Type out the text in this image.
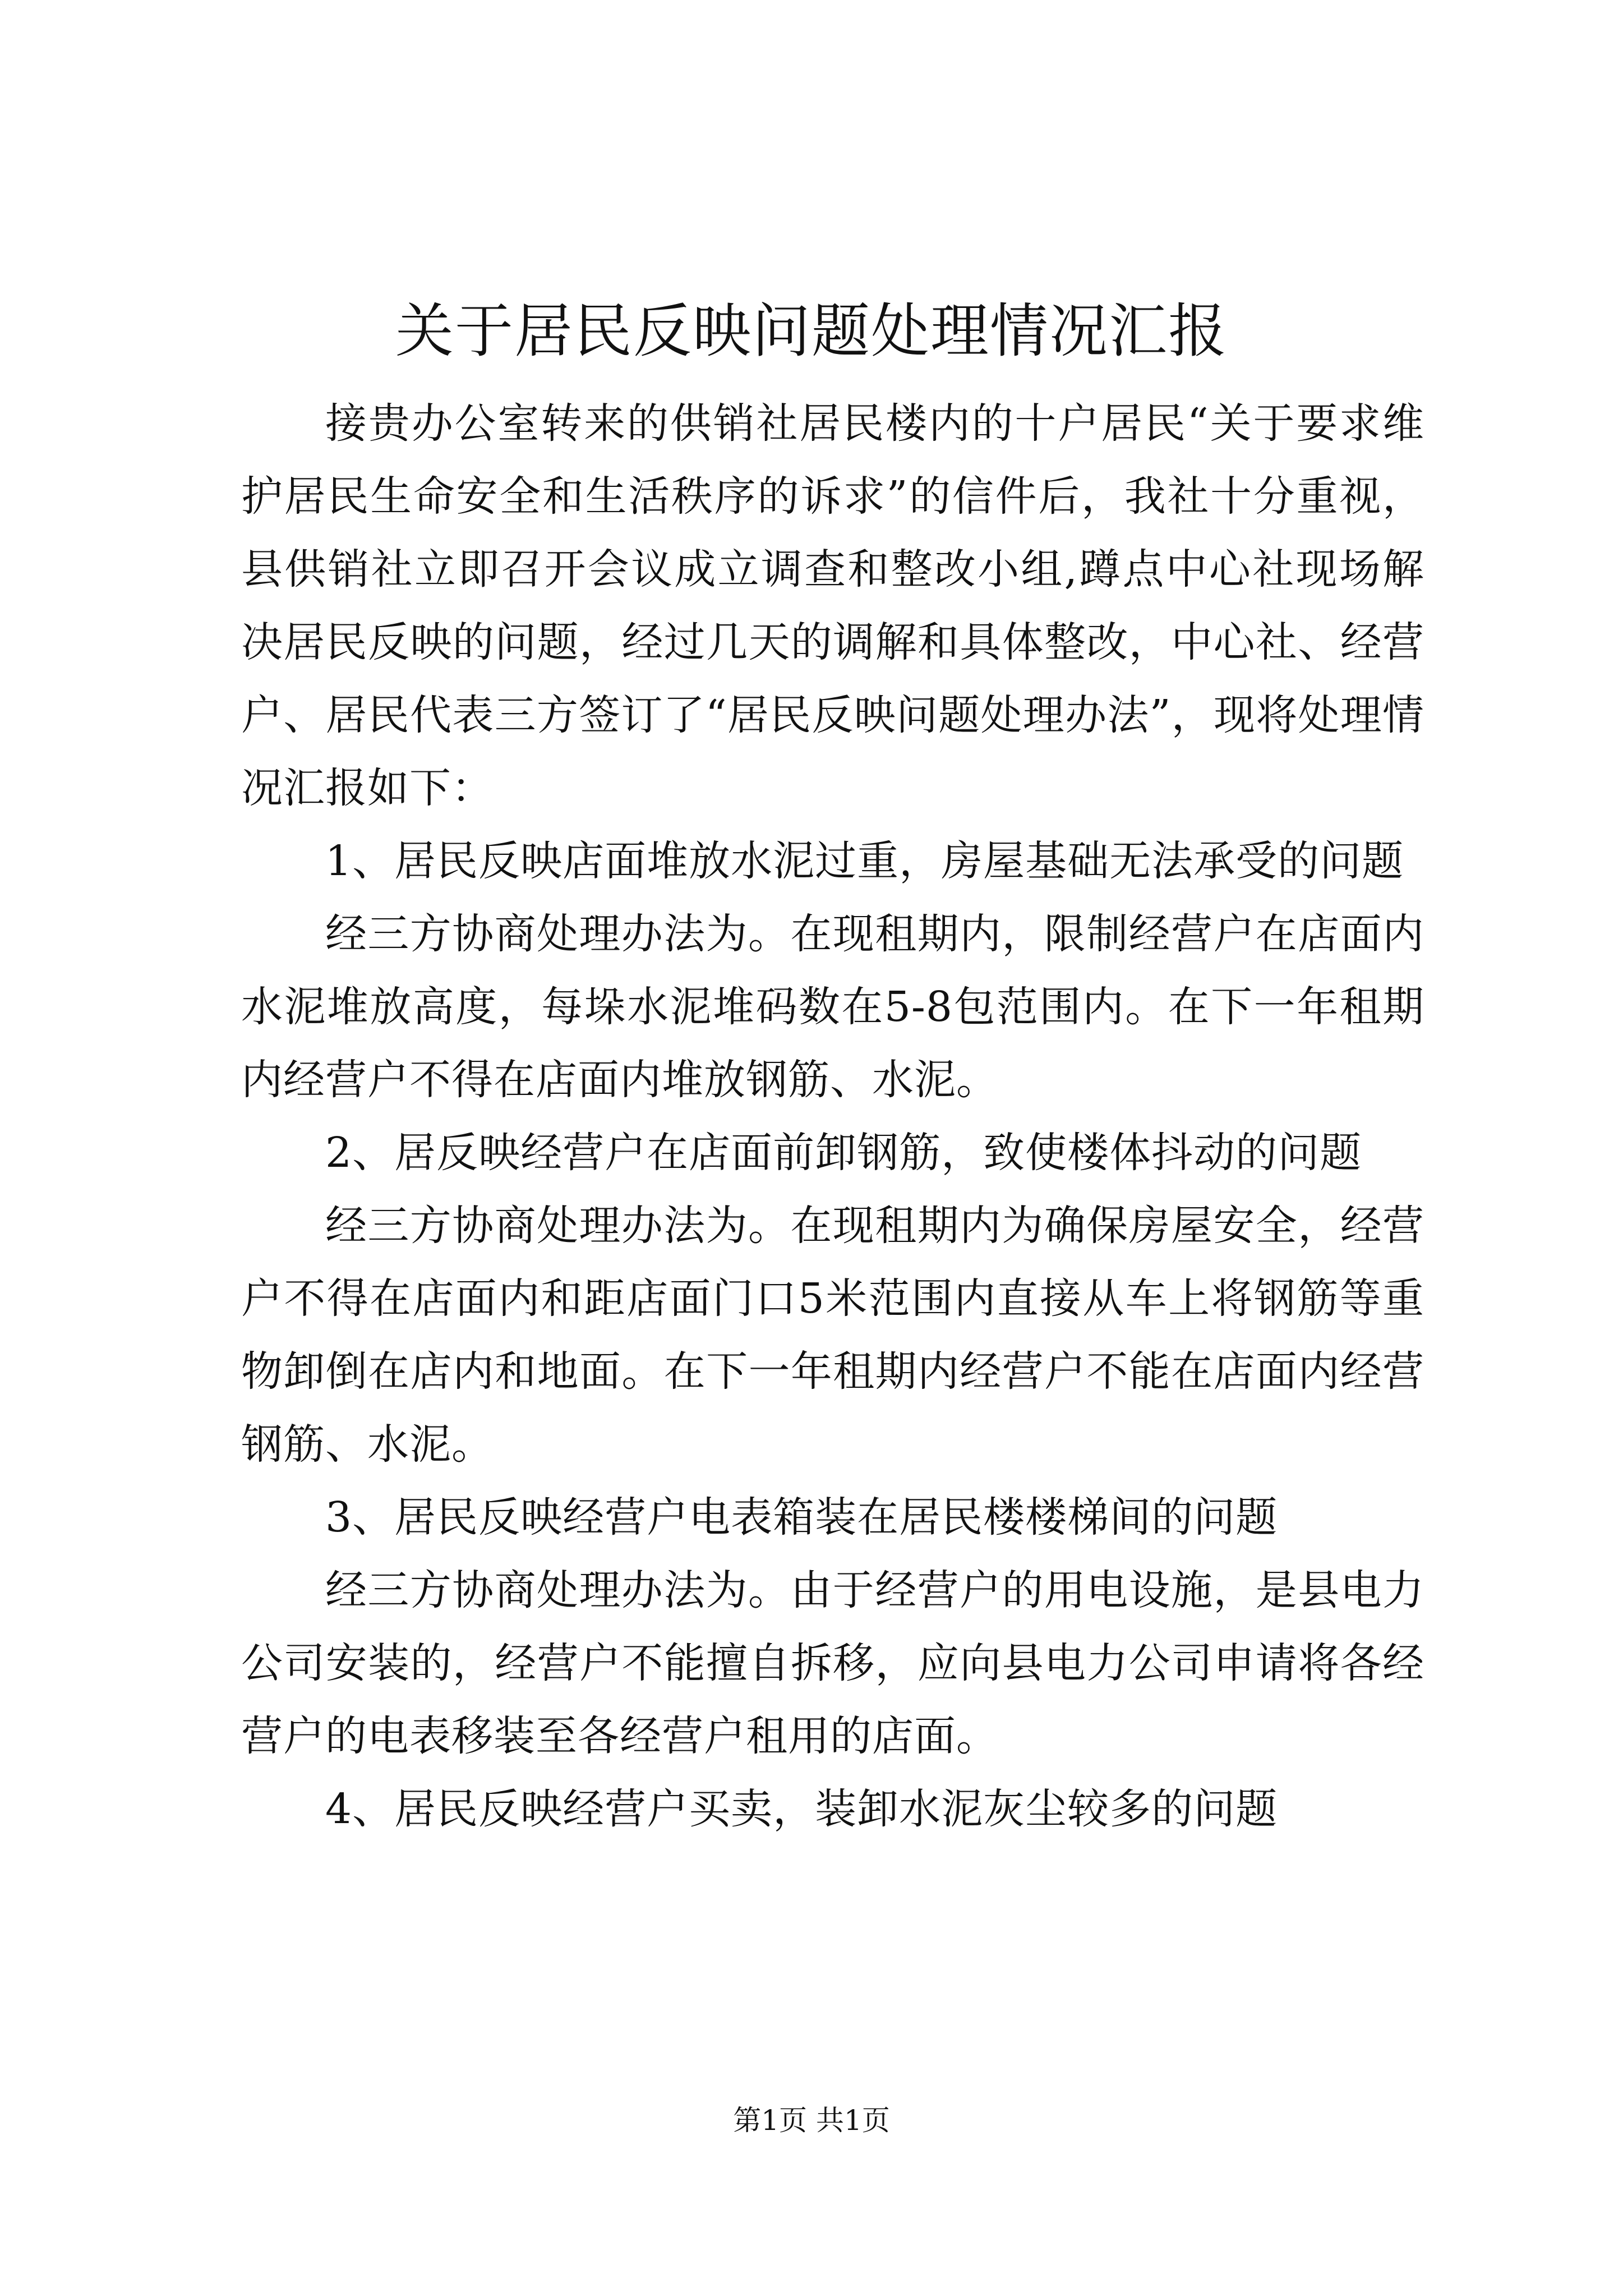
关于居民反映问题处理情况汇报

接贵办公室转来的供销社居民楼内的十户居民“关于要求维护居民生命安全和生活秩序的诉求”的信件后，我社十分重视，县供销社立即召开会议成立调查和整改小组,蹲点中心社现场解决居民反映的问题，经过几天的调解和具体整改，中心社、经营户、居民代表三方签订了“居民反映问题处理办法”，现将处理情况汇报如下：

1、居民反映店面堆放水泥过重，房屋基础无法承受的问题

经三方协商处理办法为。在现租期内，限制经营户在店面内水泥堆放高度，每垛水泥堆码数在5-8包范围内。在下一年租期内经营户不得在店面内堆放钢筋、水泥。

2、居反映经营户在店面前卸钢筋，致使楼体抖动的问题

经三方协商处理办法为。在现租期内为确保房屋安全，经营户不得在店面内和距店面门口5米范围内直接从车上将钢筋等重物卸倒在店内和地面。在下一年租期内经营户不能在店面内经营钢筋、水泥。

3、居民反映经营户电表箱装在居民楼楼梯间的问题

经三方协商处理办法为。由于经营户的用电设施，是县电力公司安装的，经营户不能擅自拆移，应向县电力公司申请将各经营户的电表移装至各经营户租用的店面。

4、居民反映经营户买卖，装卸水泥灰尘较多的问题

第1页 共1页
